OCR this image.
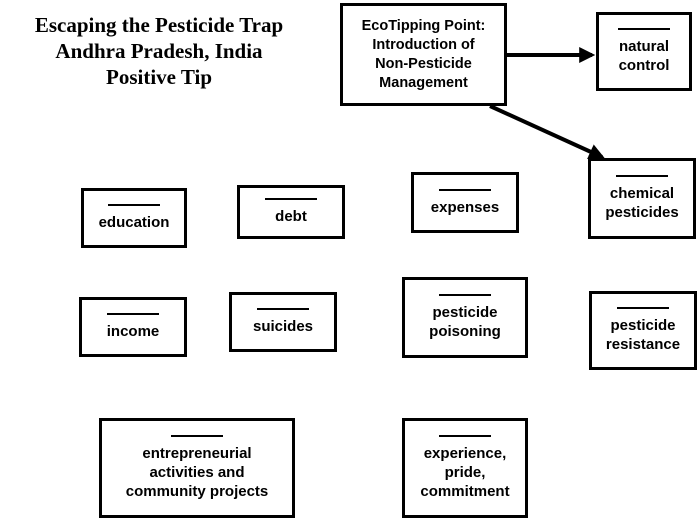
Escaping the Pesticide Trap
Andhra Pradesh, India
Positive Tip
EcoTipping Point:
Introduction of
Non-Pesticide
Management
natural
control
chemical
pesticides
education	debt
expenses
income	suicides
pesticide
poisoning	pesticide
resistance
entrepreneurial
activities and
community projects
experience,
pride,
commitment
